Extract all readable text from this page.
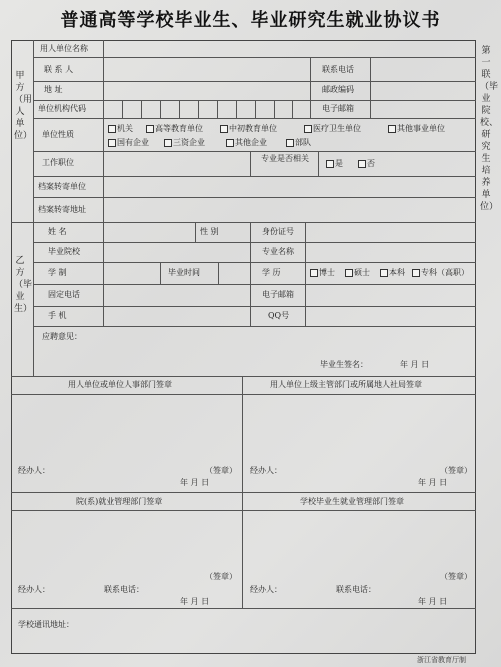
普通高等学校毕业生、毕业研究生就业协议书
甲方（用人单位）
乙方（毕业生）
第一联（毕业院校、研究生培养单位）
用人单位名称
联 系 人	联系电话
地 址	邮政编码
单位机构代码	电子邮箱
单位性质
机关	高等教育单位	中初教育单位	医疗卫生单位	其他事业单位
国有企业	三资企业	其他企业	部队
工作职位	专业是否相关
是	否
档案转寄单位
档案转寄地址
姓 名	性 别	身份证号
毕业院校	专业名称
学 制	毕业时间	学 历	博士	硕士	本科	专科（高职）
固定电话	电子邮箱
手 机	QQ号
应聘意见：
毕业生签名：	年 月 日
用人单位或单位人事部门签章	用人单位上级主管部门或所属地人社局签章
经办人：	（签章）
年 月 日
经办人：	（签章）
年 月 日
院(系)就业管理部门签章	学校毕业生就业管理部门签章
（签章）
经办人：	联系电话：
年 月 日
（签章）
经办人：	联系电话：
年 月 日
学校通讯地址：
浙江省教育厅制
